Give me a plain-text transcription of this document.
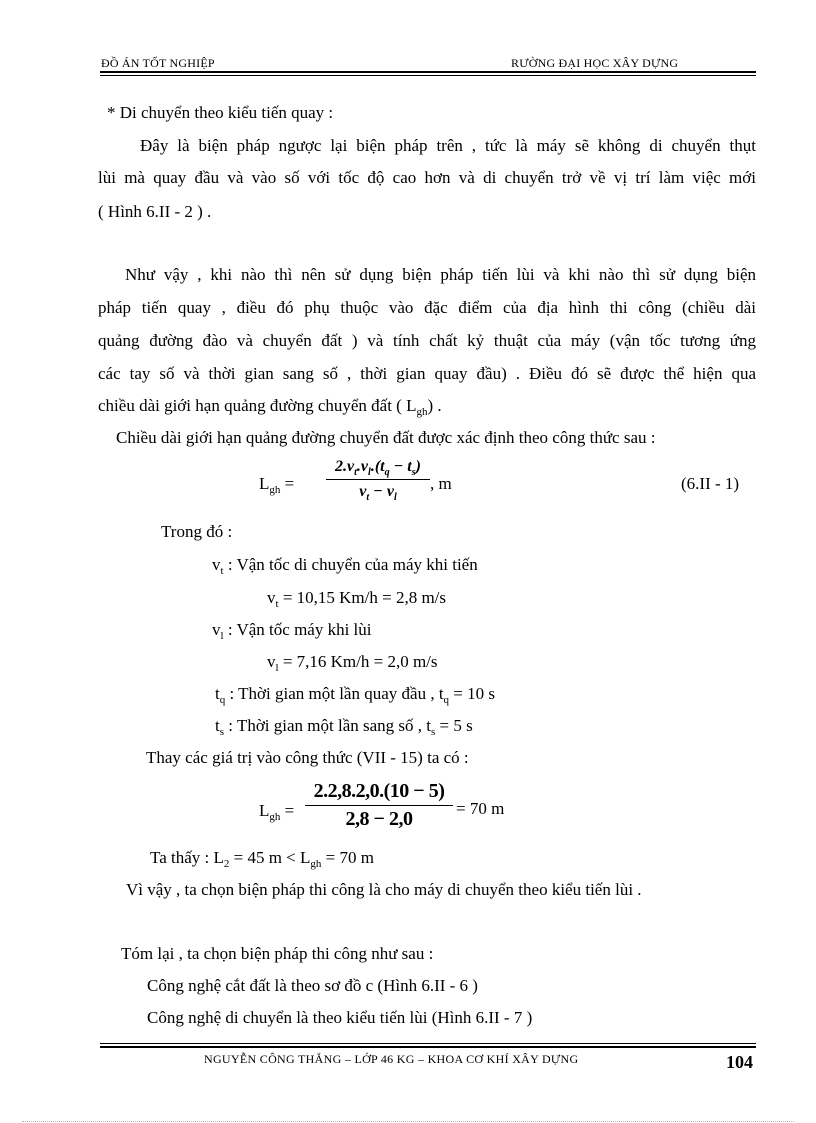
ĐỒ ÁN TỐT NGHIỆP	RƯỜNG ĐẠI HỌC XÂY DỰNG
* Di chuyển theo kiểu tiến quay :
Đây là biện pháp ngược lại biện pháp trên , tức là máy sẽ không di chuyển thụt
lùi mà quay đầu và vào số với tốc độ cao hơn và di chuyển trở về vị trí làm việc mới
( Hình 6.II - 2 ) .
Như vậy , khi nào thì nên sử dụng biện pháp tiến lùi và khi nào thì sử dụng biện
pháp tiến quay , điều đó phụ thuộc vào đặc điểm của địa hình thi công (chiều dài
quảng đường đào và chuyển đất ) và tính chất kỷ thuật của máy (vận tốc tương ứng
các tay số và thời gian sang số , thời gian quay đầu) . Điều đó sẽ được thể hiện qua
chiều dài giới hạn quảng đường chuyển đất ( $L_{gh}$) .
Chiều dài giới hạn quảng đường chuyển đất được xác định theo công thức sau :
$L_{gh}$ =
$2.v_t.v_l.(t_q - t_s)$
$v_t - v_l$
, m	(6.II - 1)
Trong đó :
$v_t$ : Vận tốc di chuyển của máy khi tiến
$v_t = 10,15$ Km/h = 2,8 m/s
$v_l$ : Vận tốc máy khi lùi
$v_l = 7,16$ Km/h = 2,0 m/s
$t_q$ : Thời gian một lần quay đầu , $t_q = 10$ s
$t_s$ : Thời gian một lần sang số , $t_s = 5$ s
Thay các giá trị vào công thức (VII - 15) ta có :
$L_{gh}$ =
2.2,8.2,0.(10 − 5)
2,8 − 2,0	= 70 m
Ta thấy : $L_2 = 45$ $m < L_{gh} = 70$ m
Vì vậy , ta chọn biện pháp thi công là cho máy di chuyển theo kiểu tiến lùi .
Tóm lại , ta chọn biện pháp thi công như sau :
Công nghệ cắt đất là theo sơ đồ c (Hình 6.II - 6 )
Công nghệ di chuyển là theo kiểu tiến lùi (Hình 6.II - 7 )
NGUYỄN CÔNG THẮNG – LỚP 46 KG – KHOA CƠ KHÍ XÂY DỰNG	104
